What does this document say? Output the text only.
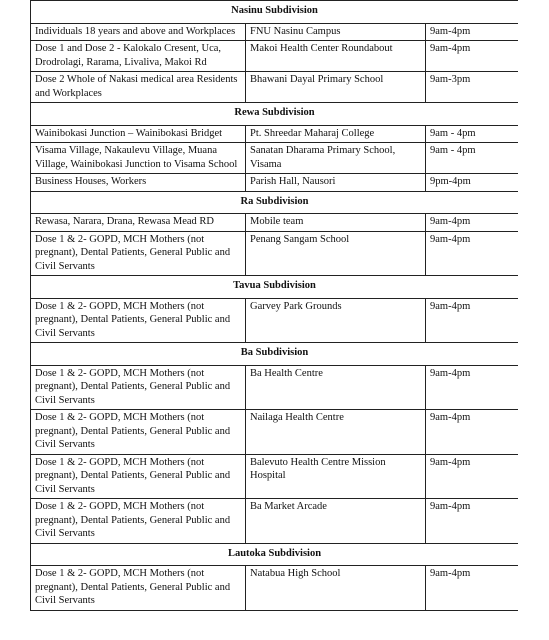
Nasinu Subdivision		
Individuals 18 years and above and Workplaces	FNU Nasinu Campus	9am-4pm
Dose 1 and Dose 2 - Kalokalo Cresent, Uca, Drodrolagi, Rarama, Livaliva, Makoi Rd	Makoi Health Center Roundabout	9am-4pm
Dose 2 Whole of Nakasi medical area Residents and Workplaces	Bhawani Dayal Primary School	9am-3pm
Rewa Subdivision		
Wainibokasi Junction – Wainibokasi Bridget	Pt. Shreedar Maharaj College	9am - 4pm
Visama Village, Nakaulevu Village, Muana Village, Wainibokasi Junction to Visama School	Sanatan Dharama Primary School, Visama	9am - 4pm
Business Houses, Workers	Parish Hall, Nausori	9pm-4pm
Ra Subdivision		
Rewasa, Narara, Drana, Rewasa Mead RD	Mobile team	9am-4pm
Dose 1 & 2- GOPD, MCH Mothers (not pregnant), Dental Patients, General Public and Civil Servants	Penang Sangam School	9am-4pm
Tavua Subdivision		
Dose 1 & 2- GOPD, MCH Mothers (not pregnant), Dental Patients, General Public and Civil Servants	Garvey Park Grounds	9am-4pm
Ba Subdivision		
Dose 1 & 2- GOPD, MCH Mothers (not pregnant), Dental Patients, General Public and Civil Servants	Ba Health Centre	9am-4pm
Dose 1 & 2- GOPD, MCH Mothers (not pregnant), Dental Patients, General Public and Civil Servants	Nailaga Health Centre	9am-4pm
Dose 1 & 2- GOPD, MCH Mothers (not pregnant), Dental Patients, General Public and Civil Servants	Balevuto Health Centre Mission Hospital	9am-4pm
Dose 1 & 2- GOPD, MCH Mothers (not pregnant), Dental Patients, General Public and Civil Servants	Ba Market Arcade	9am-4pm
Lautoka Subdivision		
Dose 1 & 2- GOPD, MCH Mothers (not pregnant), Dental Patients, General Public and Civil Servants	Natabua High School	9am-4pm
